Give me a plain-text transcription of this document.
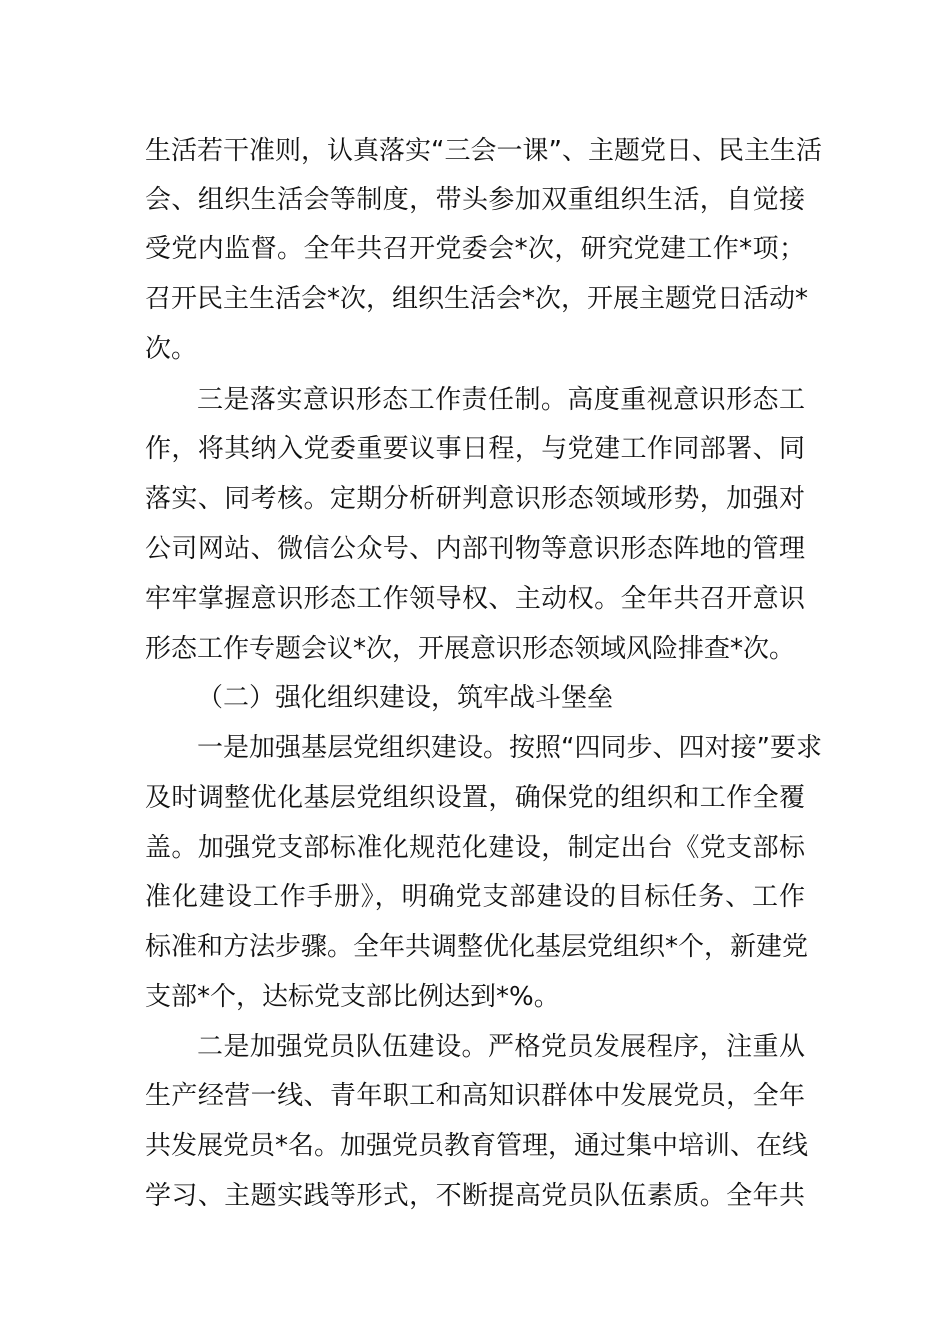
生活若干准则，认真落实“三会一课”、主题党日、民主生活
会、组织生活会等制度，带头参加双重组织生活，自觉接
受党内监督。全年共召开党委会*次，研究党建工作*项；
召开民主生活会*次，组织生活会*次，开展主题党日活动*
次。
三是落实意识形态工作责任制。高度重视意识形态工
作，将其纳入党委重要议事日程，与党建工作同部署、同
落实、同考核。定期分析研判意识形态领域形势，加强对
公司网站、微信公众号、内部刊物等意识形态阵地的管理
牢牢掌握意识形态工作领导权、主动权。全年共召开意识
形态工作专题会议*次，开展意识形态领域风险排查*次。
（二）强化组织建设，筑牢战斗堡垒
一是加强基层党组织建设。按照“四同步、四对接”要求
及时调整优化基层党组织设置，确保党的组织和工作全覆
盖。加强党支部标准化规范化建设，制定出台《党支部标
准化建设工作手册》，明确党支部建设的目标任务、工作
标准和方法步骤。全年共调整优化基层党组织*个，新建党
支部*个，达标党支部比例达到*%。
二是加强党员队伍建设。严格党员发展程序，注重从
生产经营一线、青年职工和高知识群体中发展党员，全年
共发展党员*名。加强党员教育管理，通过集中培训、在线
学习、主题实践等形式，不断提高党员队伍素质。全年共
